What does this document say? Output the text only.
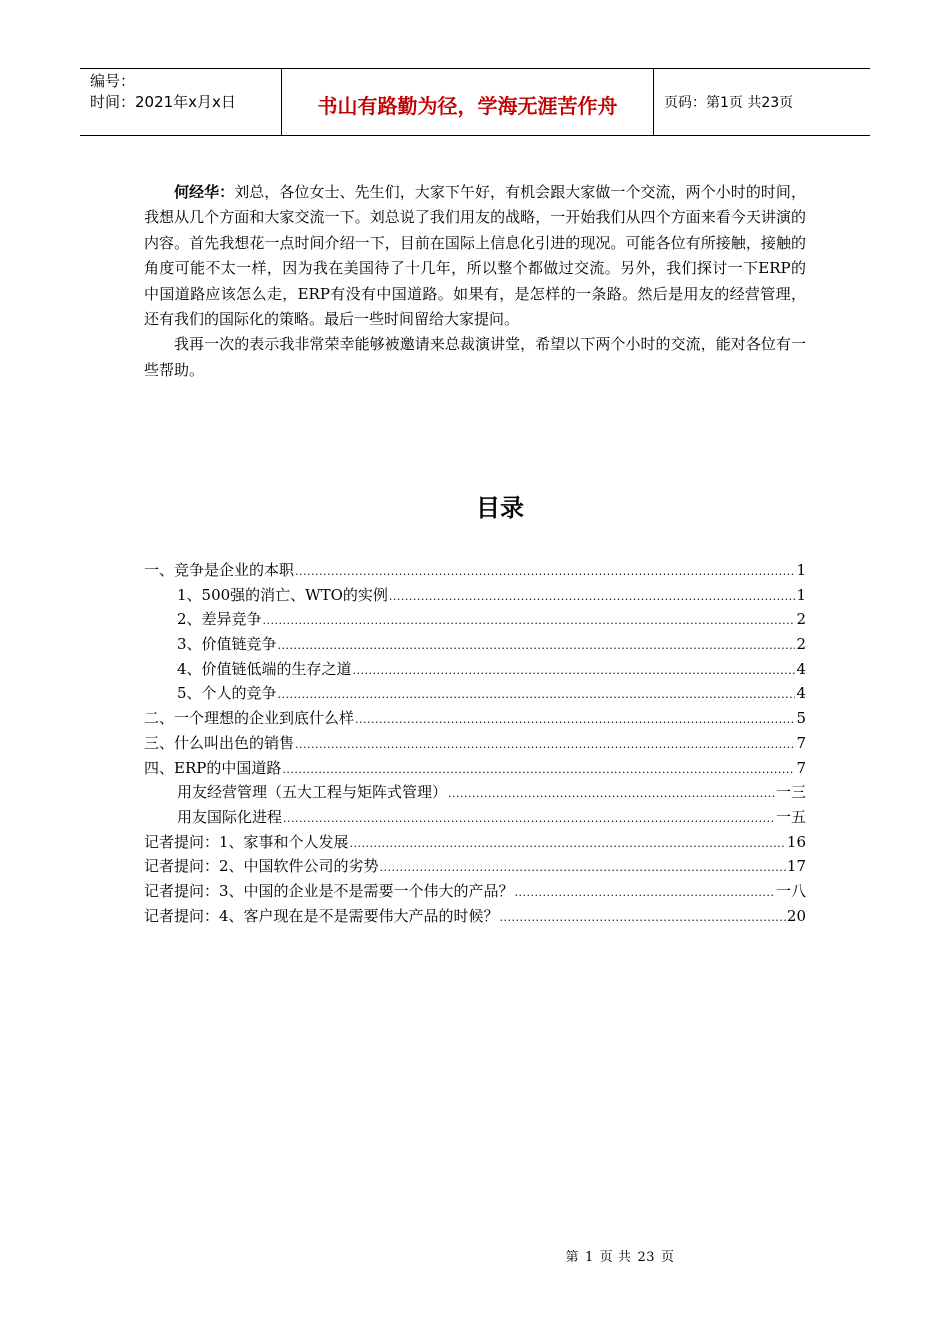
编号：
时间：2021年x月x日	书山有路勤为径，学海无涯苦作舟	页码：第1页 共23页

何经华：刘总，各位女士、先生们，大家下午好，有机会跟大家做一个交流，两个小时的时间，我想从几个方面和大家交流一下。刘总说了我们用友的战略，一开始我们从四个方面来看今天讲演的内容。首先我想花一点时间介绍一下，目前在国际上信息化引进的现况。可能各位有所接触，接触的角度可能不太一样，因为我在美国待了十几年，所以整个都做过交流。另外，我们探讨一下ERP的中国道路应该怎么走，ERP有没有中国道路。如果有，是怎样的一条路。然后是用友的经营管理，还有我们的国际化的策略。最后一些时间留给大家提问。

我再一次的表示我非常荣幸能够被邀请来总裁演讲堂，希望以下两个小时的交流，能对各位有一些帮助。

目录
一、竞争是企业的本职 .....	1
1、500强的消亡、WTO的实例 .....	1
2、差异竞争 .....	2
3、价值链竞争 .....	2
4、价值链低端的生存之道 .....	4
5、个人的竞争 .....	4
二、一个理想的企业到底什么样 .....	5
三、什么叫出色的销售 .....	7
四、ERP的中国道路 .....	7
用友经营管理（五大工程与矩阵式管理） .....	一三
用友国际化进程 .....	一五
记者提问：1、家事和个人发展 .....	16
记者提问：2、中国软件公司的劣势 .....	17
记者提问：3、中国的企业是不是需要一个伟大的产品？ .....	一八
记者提问：4、客户现在是不是需要伟大产品的时候？ .....	20
第 1 页 共 23 页
